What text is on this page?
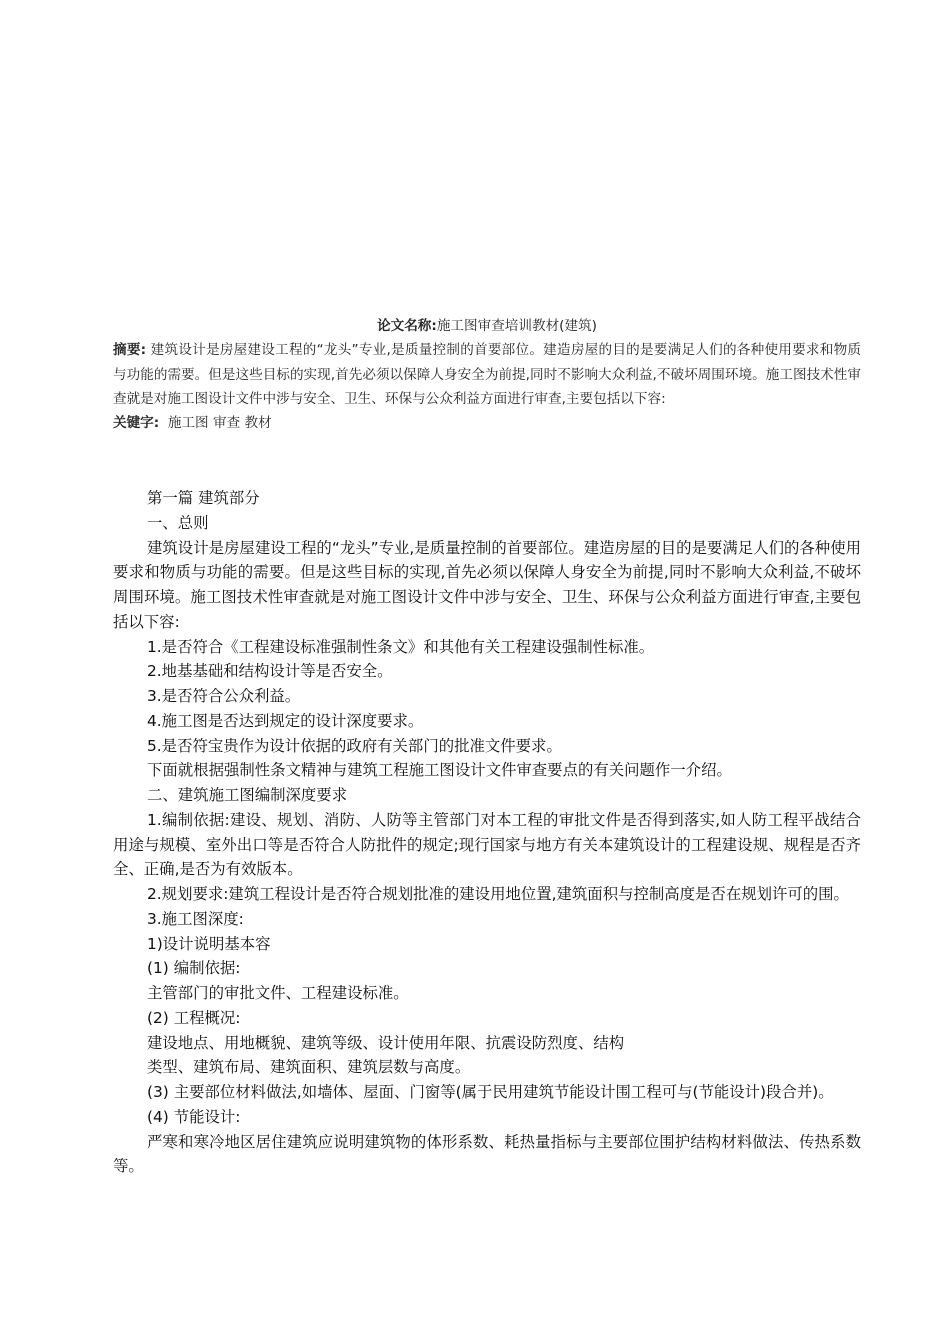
论文名称:施工图审查培训教材(建筑)
摘要: 建筑设计是房屋建设工程的“龙头”专业,是质量控制的首要部位。建造房屋的目的是要满足人们的各种使用要求和物质与功能的需要。但是这些目标的实现,首先必须以保障人身安全为前提,同时不影响大众利益,不破坏周围环境。施工图技术性审查就是对施工图设计文件中涉与安全、卫生、环保与公众利益方面进行审查,主要包括以下容:
关键字: 施工图 审查 教材

第一篇 建筑部分

一、总则

建筑设计是房屋建设工程的“龙头”专业,是质量控制的首要部位。建造房屋的目的是要满足人们的各种使用要求和物质与功能的需要。但是这些目标的实现,首先必须以保障人身安全为前提,同时不影响大众利益,不破坏周围环境。施工图技术性审查就是对施工图设计文件中涉与安全、卫生、环保与公众利益方面进行审查,主要包括以下容:

1.是否符合《工程建设标准强制性条文》和其他有关工程建设强制性标准。

2.地基基础和结构设计等是否安全。

3.是否符合公众利益。

4.施工图是否达到规定的设计深度要求。

5.是否符宝贵作为设计依据的政府有关部门的批准文件要求。

下面就根据强制性条文精神与建筑工程施工图设计文件审查要点的有关问题作一介绍。

二、建筑施工图编制深度要求

1.编制依据:建设、规划、消防、人防等主管部门对本工程的审批文件是否得到落实,如人防工程平战结合用途与规模、室外出口等是否符合人防批件的规定;现行国家与地方有关本建筑设计的工程建设规、规程是否齐全、正确,是否为有效版本。

2.规划要求:建筑工程设计是否符合规划批准的建设用地位置,建筑面积与控制高度是否在规划许可的围。

3.施工图深度:

1)设计说明基本容

(1) 编制依据:

主管部门的审批文件、工程建设标准。

(2) 工程概况:

建设地点、用地概貌、建筑等级、设计使用年限、抗震设防烈度、结构

类型、建筑布局、建筑面积、建筑层数与高度。

(3) 主要部位材料做法,如墙体、屋面、门窗等(属于民用建筑节能设计围工程可与(节能设计)段合并)。

(4) 节能设计:

严寒和寒冷地区居住建筑应说明建筑物的体形系数、耗热量指标与主要部位围护结构材料做法、传热系数等。
